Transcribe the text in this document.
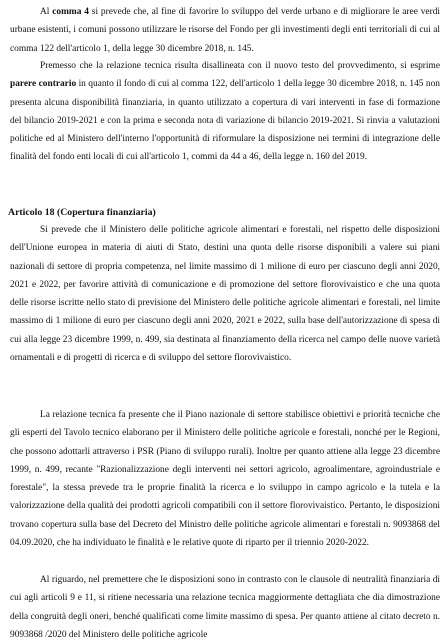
Al comma 4 si prevede che, al fine di favorire lo sviluppo del verde urbano e di migliorare le aree verdi urbane esistenti, i comuni possono utilizzare le risorse del Fondo per gli investimenti degli enti territoriali di cui al comma 122 dell'articolo 1, della legge 30 dicembre 2018, n. 145.

Premesso che la relazione tecnica risulta disallineata con il nuovo testo del provvedimento, si esprime parere contrario in quanto il fondo di cui al comma 122, dell'articolo 1 della legge 30 dicembre 2018, n. 145 non presenta alcuna disponibilità finanziaria, in quanto utilizzato a copertura di vari interventi in fase di formazione del bilancio 2019-2021 e con la prima e seconda nota di variazione di bilancio 2019-2021. Si rinvia a valutazioni politiche ed al Ministero dell'interno l'opportunità di riformulare la disposizione nei termini di integrazione delle finalità del fondo enti locali di cui all'articolo 1, commi da 44 a 46, della legge n. 160 del 2019.

Articolo 18 (Copertura finanziaria)

Si prevede che il Ministero delle politiche agricole alimentari e forestali, nel rispetto delle disposizioni dell'Unione europea in materia di aiuti di Stato, destini una quota delle risorse disponibili a valere sui piani nazionali di settore di propria competenza, nel limite massimo di 1 milione di euro per ciascuno degli anni 2020, 2021 e 2022, per favorire attività di comunicazione e di promozione del settore florovivaistico e che una quota delle risorse iscritte nello stato di previsione del Ministero delle politiche agricole alimentari e forestali, nel limite massimo di 1 milione di euro per ciascuno degli anni 2020, 2021 e 2022, sulla base dell'autorizzazione di spesa di cui alla legge 23 dicembre 1999, n. 499, sia destinata al finanziamento della ricerca nel campo delle nuove varietà ornamentali e di progetti di ricerca e di sviluppo del settore florovivaistico.

La relazione tecnica fa presente che il Piano nazionale di settore stabilisce obiettivi e priorità tecniche che gli esperti del Tavolo tecnico elaborano per il Ministero delle politiche agricole e forestali, nonché per le Regioni, che possono adottarli attraverso i PSR (Piano di sviluppo rurali). Inoltre per quanto attiene alla legge 23 dicembre 1999, n. 499, recante "Razionalizzazione degli interventi nei settori agricolo, agroalimentare, agroindustriale e forestale", la stessa prevede tra le proprie finalità la ricerca e lo sviluppo in campo agricolo e la tutela e la valorizzazione della qualità dei prodotti agricoli compatibili con il settore florovivaistico. Pertanto, le disposizioni trovano copertura sulla base del Decreto del Ministro delle politiche agricole alimentari e forestali n. 9093868 del 04.09.2020, che ha individuato le finalità e le relative quote di riparto per il triennio 2020-2022.

Al riguardo, nel premettere che le disposizioni sono in contrasto con le clausole di neutralità finanziaria di cui agli articoli 9 e 11, si ritiene necessaria una relazione tecnica maggiormente dettagliata che dia dimostrazione della congruità degli oneri, benché qualificati come limite massimo di spesa. Per quanto attiene al citato decreto n. 9093868 /2020 del Ministero delle politiche agricole
